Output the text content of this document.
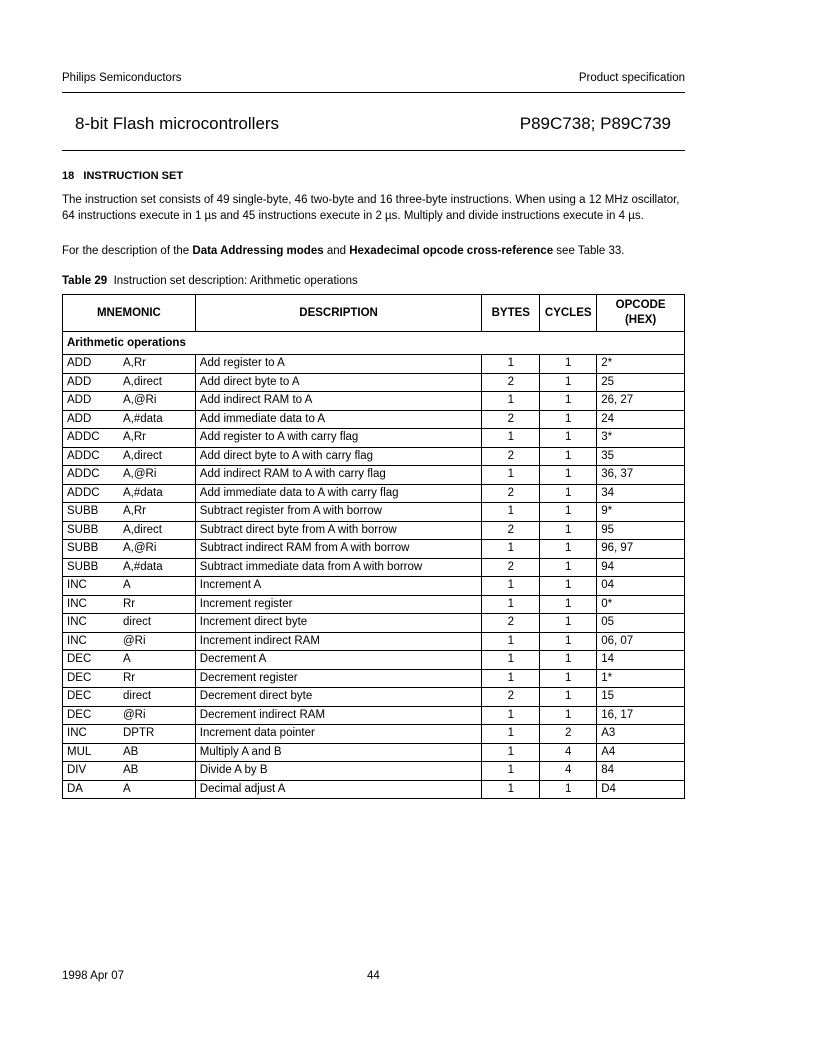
Philips Semiconductors	Product specification
8-bit Flash microcontrollers	P89C738; P89C739
18 INSTRUCTION SET
The instruction set consists of 49 single-byte, 46 two-byte and 16 three-byte instructions. When using a 12 MHz oscillator, 64 instructions execute in 1 µs and 45 instructions execute in 2 µs. Multiply and divide instructions execute in 4 µs.
For the description of the Data Addressing modes and Hexadecimal opcode cross-reference see Table 33.
Table 29 Instruction set description: Arithmetic operations
MNEMONIC	DESCRIPTION	BYTES	CYCLES	OPCODE
(HEX)
Arithmetic operations				
ADD A,Rr	Add register to A	1	1	2*
ADD A,direct	Add direct byte to A	2	1	25
ADD A,@Ri	Add indirect RAM to A	1	1	26, 27
ADD A,#data	Add immediate data to A	2	1	24
ADDC A,Rr	Add register to A with carry flag	1	1	3*
ADDC A,direct	Add direct byte to A with carry flag	2	1	35
ADDC A,@Ri	Add indirect RAM to A with carry flag	1	1	36, 37
ADDC A,#data	Add immediate data to A with carry flag	2	1	34
SUBB A,Rr	Subtract register from A with borrow	1	1	9*
SUBB A,direct	Subtract direct byte from A with borrow	2	1	95
SUBB A,@Ri	Subtract indirect RAM from A with borrow	1	1	96, 97
SUBB A,#data	Subtract immediate data from A with borrow	2	1	94
INC A	Increment A	1	1	04
INC Rr	Increment register	1	1	0*
INC direct	Increment direct byte	2	1	05
INC @Ri	Increment indirect RAM	1	1	06, 07
DEC A	Decrement A	1	1	14
DEC Rr	Decrement register	1	1	1*
DEC direct	Decrement direct byte	2	1	15
DEC @Ri	Decrement indirect RAM	1	1	16, 17
INC DPTR	Increment data pointer	1	2	A3
MUL AB	Multiply A and B	1	4	A4
DIV AB	Divide A by B	1	4	84
DA A	Decimal adjust A	1	1	D4
1998 Apr 07	44
